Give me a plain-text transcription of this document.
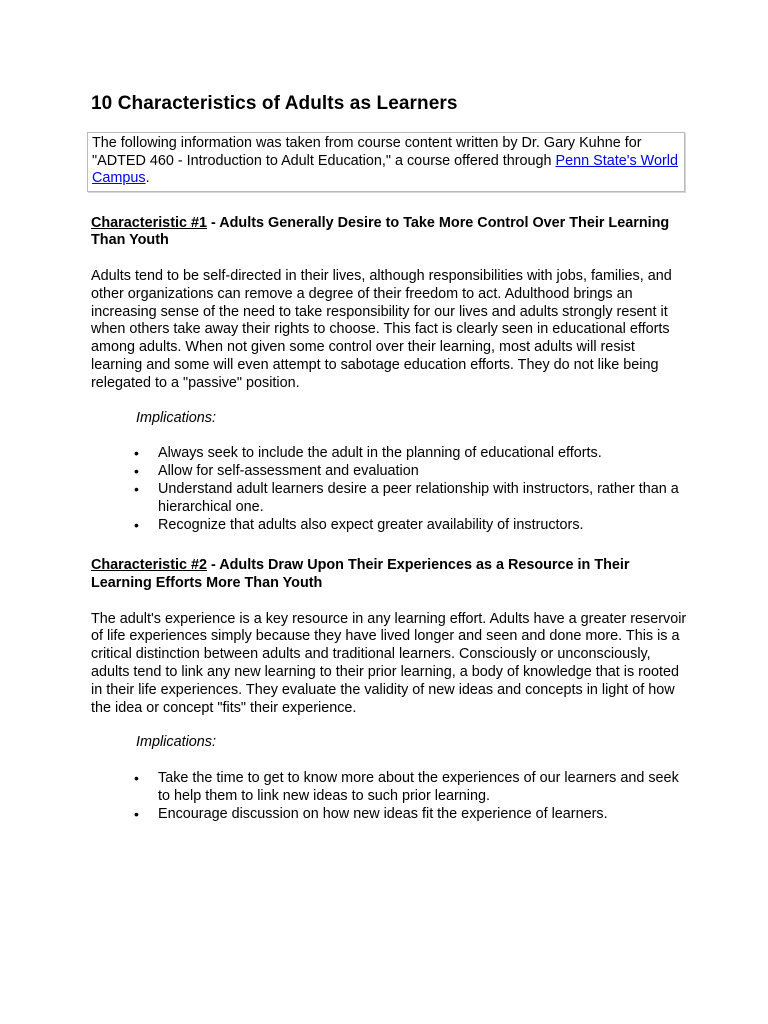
10 Characteristics of Adults as Learners
The following information was taken from course content written by Dr. Gary Kuhne for "ADTED 460 - Introduction to Adult Education," a course offered through Penn State's World Campus.
Characteristic #1 - Adults Generally Desire to Take More Control Over Their Learning Than Youth

Adults tend to be self-directed in their lives, although responsibilities with jobs, families, and other organizations can remove a degree of their freedom to act. Adulthood brings an increasing sense of the need to take responsibility for our lives and adults strongly resent it when others take away their rights to choose. This fact is clearly seen in educational efforts among adults. When not given some control over their learning, most adults will resist learning and some will even attempt to sabotage education efforts. They do not like being relegated to a "passive" position.

Implications:
• Always seek to include the adult in the planning of educational efforts.
• Allow for self-assessment and evaluation
• Understand adult learners desire a peer relationship with instructors, rather than a hierarchical one.
• Recognize that adults also expect greater availability of instructors.
Characteristic #2 - Adults Draw Upon Their Experiences as a Resource in Their Learning Efforts More Than Youth

The adult's experience is a key resource in any learning effort. Adults have a greater reservoir of life experiences simply because they have lived longer and seen and done more. This is a critical distinction between adults and traditional learners. Consciously or unconsciously, adults tend to link any new learning to their prior learning, a body of knowledge that is rooted in their life experiences. They evaluate the validity of new ideas and concepts in light of how the idea or concept "fits" their experience.

Implications:
• Take the time to get to know more about the experiences of our learners and seek to help them to link new ideas to such prior learning.
• Encourage discussion on how new ideas fit the experience of learners.
